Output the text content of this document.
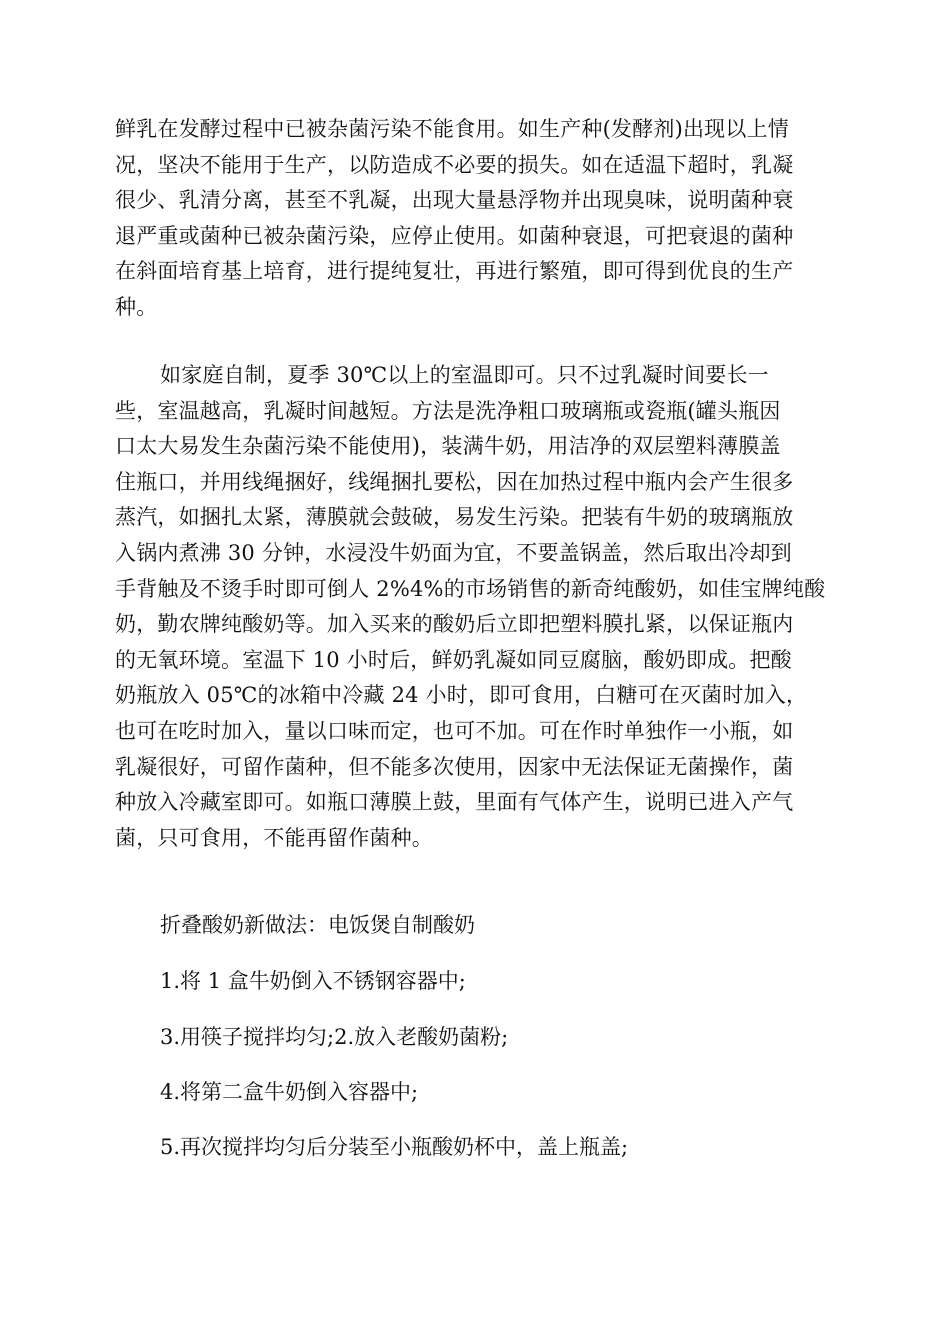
鲜乳在发酵过程中已被杂菌污染不能食用。如生产种(发酵剂)出现以上情
况，坚决不能用于生产，以防造成不必要的损失。如在适温下超时，乳凝
很少、乳清分离，甚至不乳凝，出现大量悬浮物并出现臭味，说明菌种衰
退严重或菌种已被杂菌污染，应停止使用。如菌种衰退，可把衰退的菌种
在斜面培育基上培育，进行提纯复壮，再进行繁殖，即可得到优良的生产
种。
如家庭自制，夏季 30℃以上的室温即可。只不过乳凝时间要长一
些，室温越高，乳凝时间越短。方法是洗净粗口玻璃瓶或瓷瓶(罐头瓶因
口太大易发生杂菌污染不能使用)，装满牛奶，用洁净的双层塑料薄膜盖
住瓶口，并用线绳捆好，线绳捆扎要松，因在加热过程中瓶内会产生很多
蒸汽，如捆扎太紧，薄膜就会鼓破，易发生污染。把装有牛奶的玻璃瓶放
入锅内煮沸 30 分钟，水浸没牛奶面为宜，不要盖锅盖，然后取出冷却到
手背触及不烫手时即可倒人 2%4%的市场销售的新奇纯酸奶，如佳宝牌纯酸
奶，勤农牌纯酸奶等。加入买来的酸奶后立即把塑料膜扎紧，以保证瓶内
的无氧环境。室温下 10 小时后，鲜奶乳凝如同豆腐脑，酸奶即成。把酸
奶瓶放入 05℃的冰箱中冷藏 24 小时，即可食用，白糖可在灭菌时加入，
也可在吃时加入，量以口味而定，也可不加。可在作时单独作一小瓶，如
乳凝很好，可留作菌种，但不能多次使用，因家中无法保证无菌操作，菌
种放入冷藏室即可。如瓶口薄膜上鼓，里面有气体产生，说明已进入产气
菌，只可食用，不能再留作菌种。

折叠酸奶新做法：电饭煲自制酸奶

1.将 1 盒牛奶倒入不锈钢容器中;

3.用筷子搅拌均匀;2.放入老酸奶菌粉;

4.将第二盒牛奶倒入容器中;

5.再次搅拌均匀后分装至小瓶酸奶杯中，盖上瓶盖;
